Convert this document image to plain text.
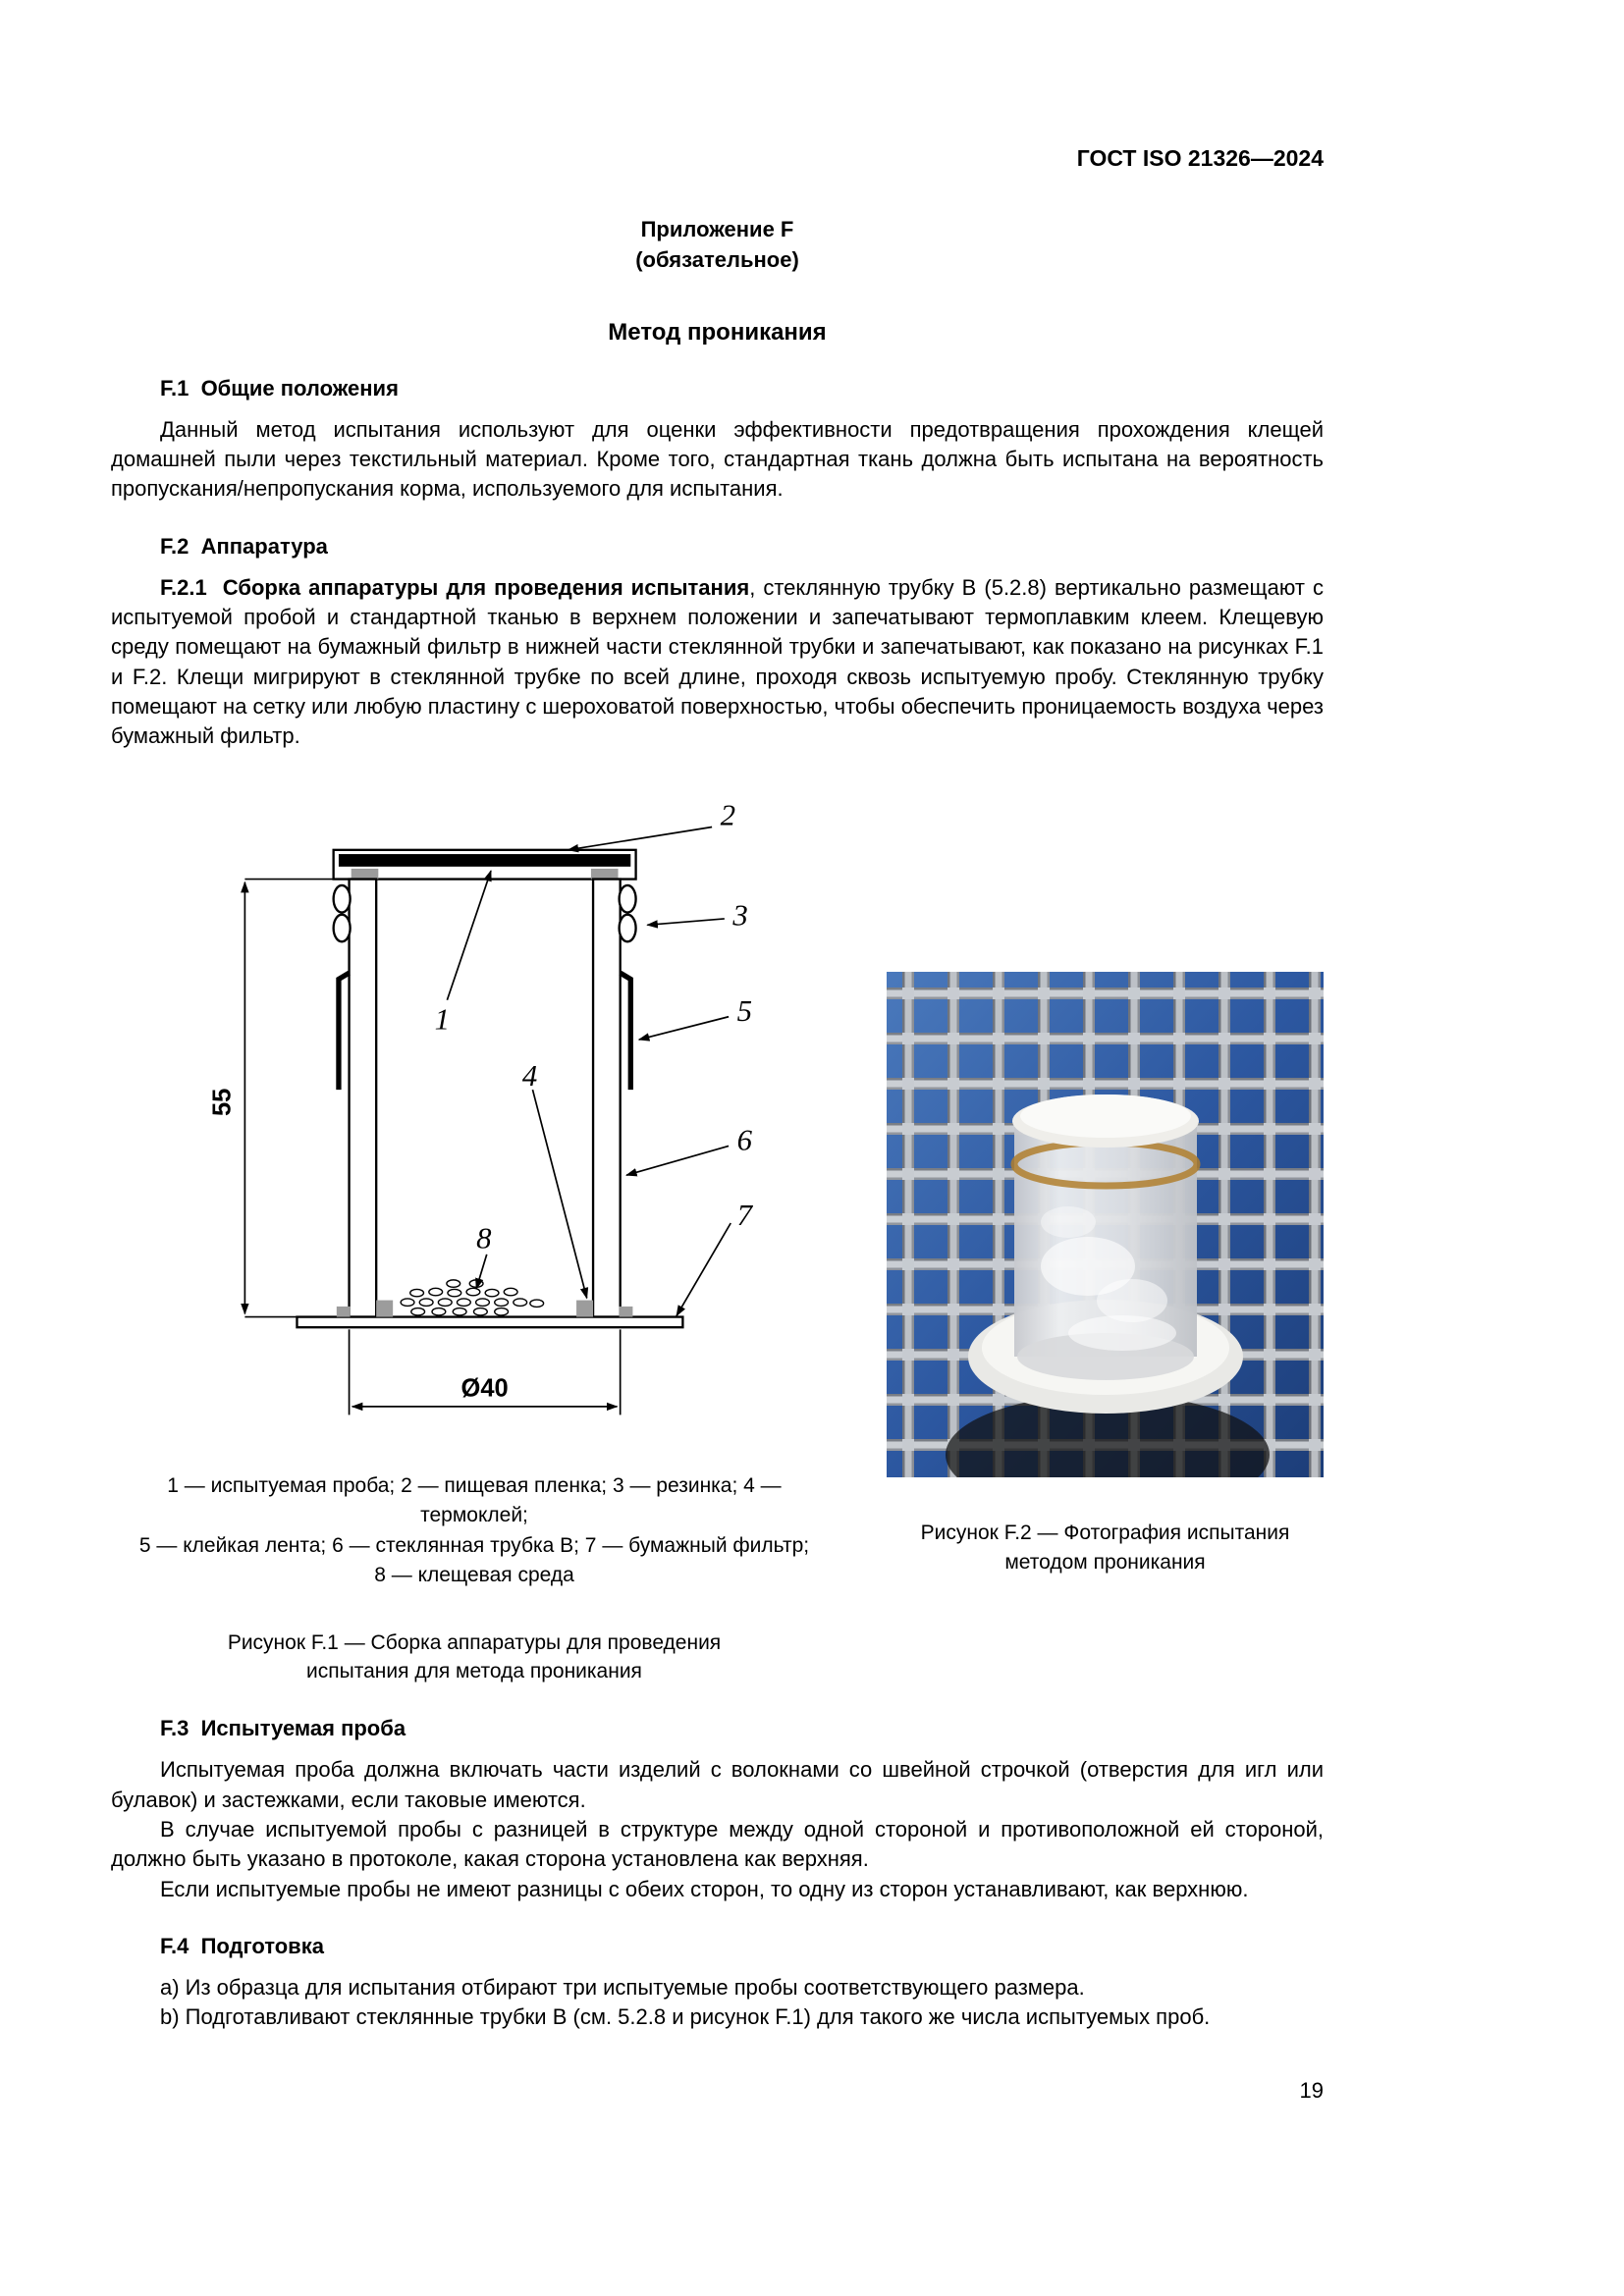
ГОСТ ISO 21326—2024
Приложение F
(обязательное)
Метод проникания
F.1  Общие положения

Данный метод испытания используют для оценки эффективности предотвращения прохождения клещей домашней пыли через текстильный материал. Кроме того, стандартная ткань должна быть испытана на вероятность пропускания/непропускания корма, используемого для испытания.

F.2  Аппаратура

F.2.1  Сборка аппаратуры для проведения испытания, стеклянную трубку B (5.2.8) вертикально размещают с испытуемой пробой и стандартной тканью в верхнем положении и запечатывают термоплавким клеем. Клещевую среду помещают на бумажный фильтр в нижней части стеклянной трубки и запечатывают, как показано на рисунках F.1 и F.2. Клещи мигрируют в стеклянной трубке по всей длине, проходя сквозь испытуемую пробу. Стеклянную трубку помещают на сетку или любую пластину с шероховатой поверхностью, чтобы обеспечить проницаемость воздуха через бумажный фильтр.

55
Ø40
2
3
1	5
4
6
7
8
1 — испытуемая проба; 2 — пищевая пленка; 3 — резинка; 4 — термоклей;
5 — клейкая лента; 6 — стеклянная трубка B; 7 — бумажный фильтр;
8 — клещевая среда
Рисунок F.1 — Сборка аппаратуры для проведения испытания для метода проникания
Рисунок F.2 — Фотография испытания методом проникания
F.3  Испытуемая проба

Испытуемая проба должна включать части изделий с волокнами со швейной строчкой (отверстия для игл или булавок) и застежками, если таковые имеются.

В случае испытуемой пробы с разницей в структуре между одной стороной и противоположной ей стороной, должно быть указано в протоколе, какая сторона установлена как верхняя.

Если испытуемые пробы не имеют разницы с обеих сторон, то одну из сторон устанавливают, как верхнюю.

F.4  Подготовка

a) Из образца для испытания отбирают три испытуемые пробы соответствующего размера.

b) Подготавливают стеклянные трубки B (см. 5.2.8 и рисунок F.1) для такого же числа испытуемых проб.

19
